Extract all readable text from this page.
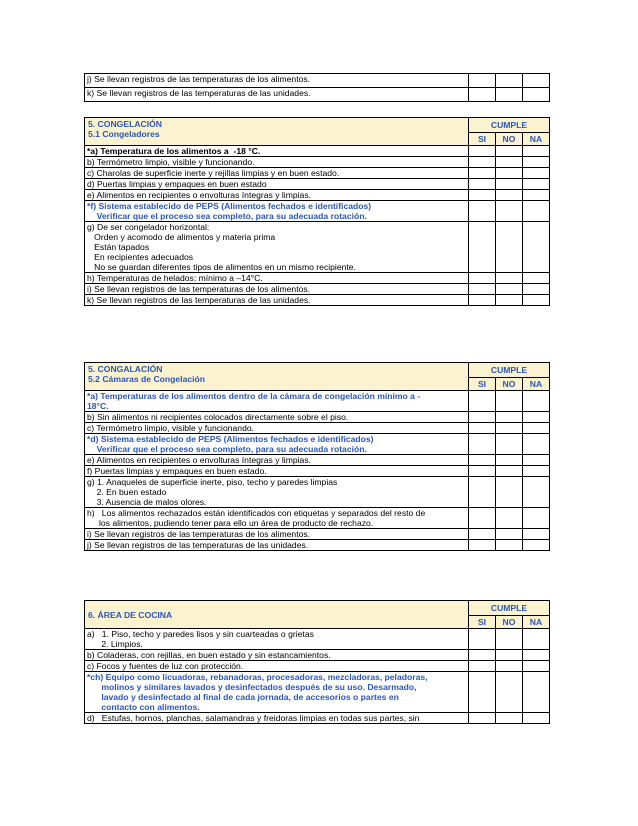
j) Se llevan registros de las temperaturas de los alimentos.			
k) Se llevan registros de las temperaturas de las unidades.			
5. CONGELACIÓN
5.1 Congeladores	CUMPLE		
	SI	NO	NA
*a) Temperatura de los alimentos a  -18 °C.			
b) Termómetro limpio, visible y funcionando.			
c) Charolas de superficie inerte y rejillas limpias y en buen estado.			
d) Puertas limpias y empaques en buen estado			
e) Alimentos en recipientes o envolturas íntegras y limpias.			
*f) Sistema establecido de PEPS (Alimentos fechados e identificados)
Verificar que el proceso sea completo, para su adecuada rotación.			
g) De ser congelador horizontal:
Orden y acomodo de alimentos y materia prima
Están tapados
En recipientes adecuados
No se guardan diferentes tipos de alimentos en un mismo recipiente.			
h) Temperaturas de helados: mínimo a –14°C.			
i) Se llevan registros de las temperaturas de los alimentos.			
k) Se llevan registros de las temperaturas de las unidades.			
5. CONGALACIÓN
5.2 Cámaras de Congelación	CUMPLE		
	SI	NO	NA
*a) Temperaturas de los alimentos dentro de la cámara de congelación mínimo a -
18°C.			
b) Sin alimentos ni recipientes colocados directamente sobre el piso.			
c) Termómetro limpio, visible y funcionando.			
*d) Sistema establecido de PEPS (Alimentos fechados e identificados)
Verificar que el proceso sea completo, para su adecuada rotación.			
e) Alimentos en recipientes o envolturas íntegras y limpias.			
f) Puertas limpias y empaques en buen estado.			
g) 1. Anaqueles de superficie inerte, piso, techo y paredes limpias
2. En buen estado
3. Ausencia de malos olores.			
h)   Los alimentos rechazados están identificados con etiquetas y separados del resto de
los alimentos, pudiendo tener para ello un área de producto de rechazo.			
i) Se llevan registros de las temperaturas de los alimentos.			
j) Se llevan registros de las temperaturas de las unidades.			
6. ÁREA DE COCINA	CUMPLE		
	SI	NO	NA
a)   1. Piso, techo y paredes lisos y sin cuarteadas o grietas
2. Limpios.			
b) Coladeras, con rejillas, en buen estado y sin estancamientos.			
c) Focos y fuentes de luz con protección.			
*ch) Equipo como licuadoras, rebanadoras, procesadoras, mezcladoras, peladoras,
molinos y similares lavados y desinfectados después de su uso. Desarmado,
lavado y desinfectado al final de cada jornada, de accesorios o partes en
contacto con alimentos.			
d)   Estufas, hornos, planchas, salamandras y freidoras limpias en todas sus partes, sin			
